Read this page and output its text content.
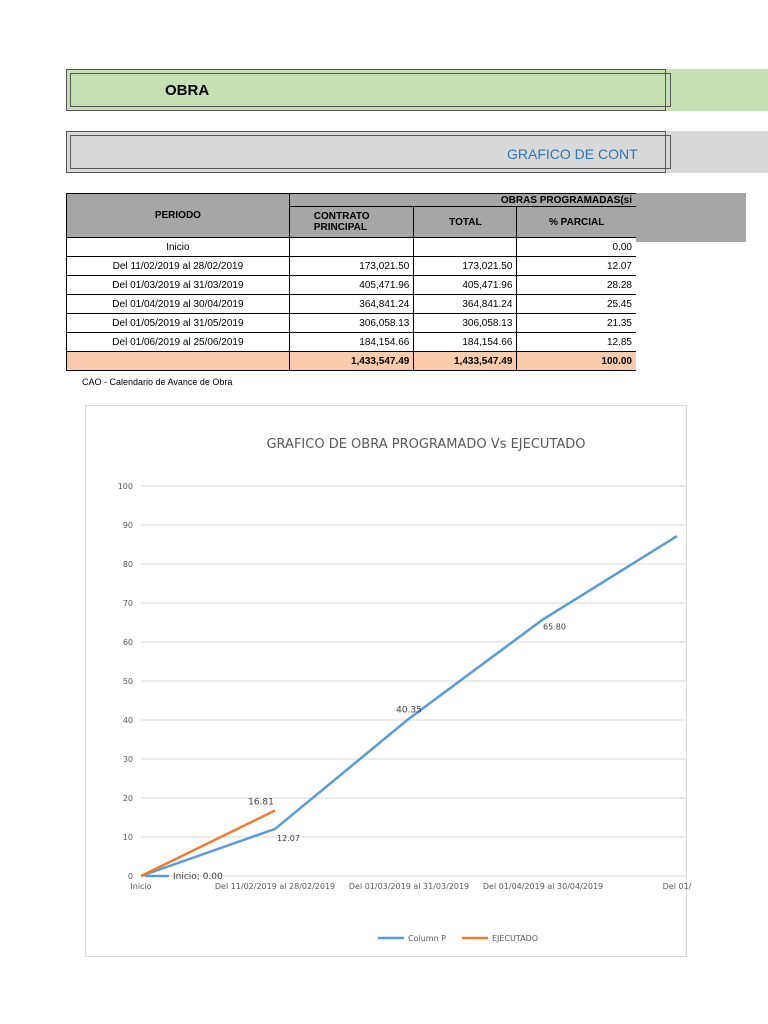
OBRA
GRAFICO DE CONT
PERIODO	OBRAS PROGRAMADAS(si		
	CONTRATO PRINCIPAL	TOTAL	% PARCIAL
Inicio			0.00
Del 11/02/2019 al 28/02/2019	173,021.50	173,021.50	12.07
Del 01/03/2019 al 31/03/2019	405,471.96	405,471.96	28.28
Del 01/04/2019 al 30/04/2019	364,841.24	364,841.24	25.45
Del 01/05/2019 al 31/05/2019	306,058.13	306,058.13	21.35
Del 01/06/2019 al 25/06/2019	184,154.66	184,154.66	12.85
	1,433,547.49	1,433,547.49	100.00
CAO - Calendario de Avance de Obra
GRAFICO DE OBRA PROGRAMADO Vs EJECUTADO
0
10
20
30
40
50
60
70
80
90
100
Inicio	Del 11/02/2019 al 28/02/2019 Del 01/03/2019 al 31/03/2019 Del 01/04/2019 al 30/04/2019	Del 01/
Inicio; 0.00
12.07
40.35
65.80
16.81
Column P	EJECUTADO
